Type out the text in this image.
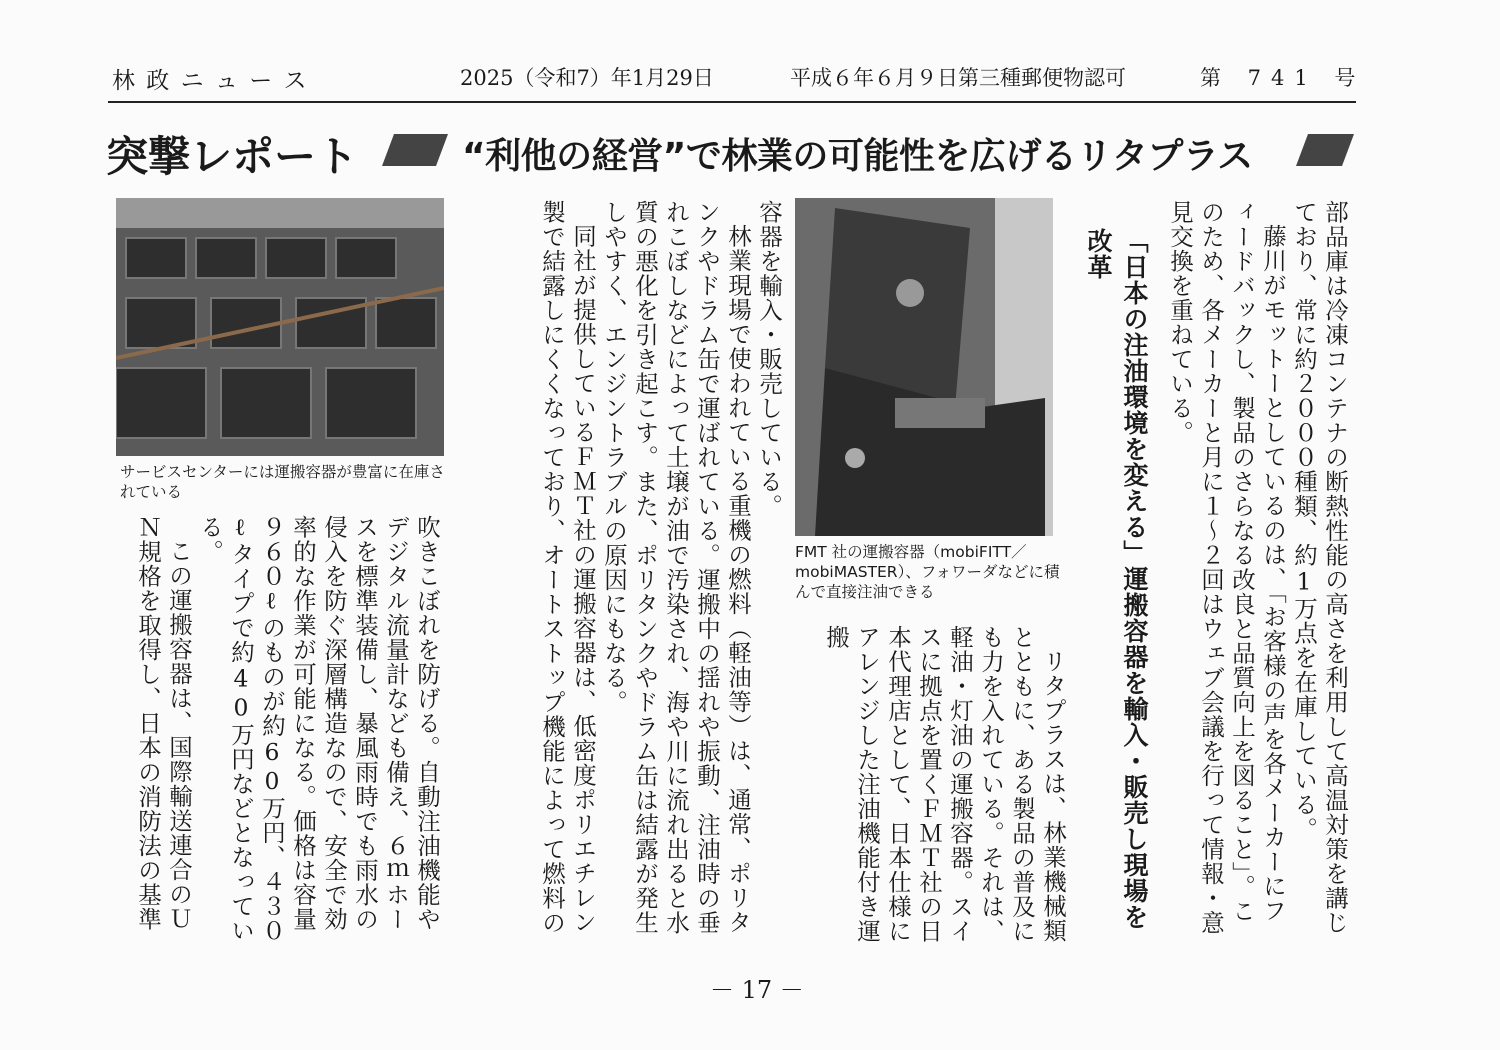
林 政 ニ ュ ー ス	2025（令和7）年1月29日	平成６年６月９日第三種郵便物認可	第 741 号
突撃レポート	“利他の経営”で林業の可能性を広げるリタプラス

部品庫は冷凍コンテナの断熱性能の高さを利用して高温対策を講じており、常に約２０００種類、約1万点を在庫している。

藤川がモットーとしているのは、「お客様の声を各メーカーにフィードバックし、製品のさらなる改良と品質向上を図ること」。このため、各メーカーと月に１～２回はウェブ会議を行って情報・意見交換を重ねている。

「日本の注油環境を変える」運搬容器を輸入・販売し現場を改革

リタプラスは、林業機械類とともに、ある製品の普及にも力を入れている。それは、軽油・灯油の運搬容器。スイスに拠点を置くＦＭＴ社の日本代理店として、日本仕様にアレンジした注油機能付き運搬

FMT 社の運搬容器（mobiFITT／mobiMASTER）、フォワーダなどに積んで直接注油できる

容器を輸入・販売している。

林業現場で使われている重機の燃料（軽油等）は、通常、ポリタンクやドラム缶で運ばれている。運搬中の揺れや振動、注油時の垂れこぼしなどによって土壌が油で汚染され、海や川に流れ出ると水質の悪化を引き起こす。また、ポリタンクやドラム缶は結露が発生しやすく、エンジントラブルの原因にもなる。

同社が提供しているＦＭＴ社の運搬容器は、低密度ポリエチレン製で結露しにくくなっており、オートストップ機能によって燃料の

サービスセンターには運搬容器が豊富に在庫されている

吹きこぼれを防げる。自動注油機能やデジタル流量計なども備え、６ｍホースを標準装備し、暴風雨時でも雨水の侵入を防ぐ深層構造なので、安全で効率的な作業が可能になる。価格は容量９６０ℓのものが約60万円、４３０ℓタイプで約40万円などとなっている。

この運搬容器は、国際輸送連合のＵＮ規格を取得し、日本の消防法の基準

－ 17 －
